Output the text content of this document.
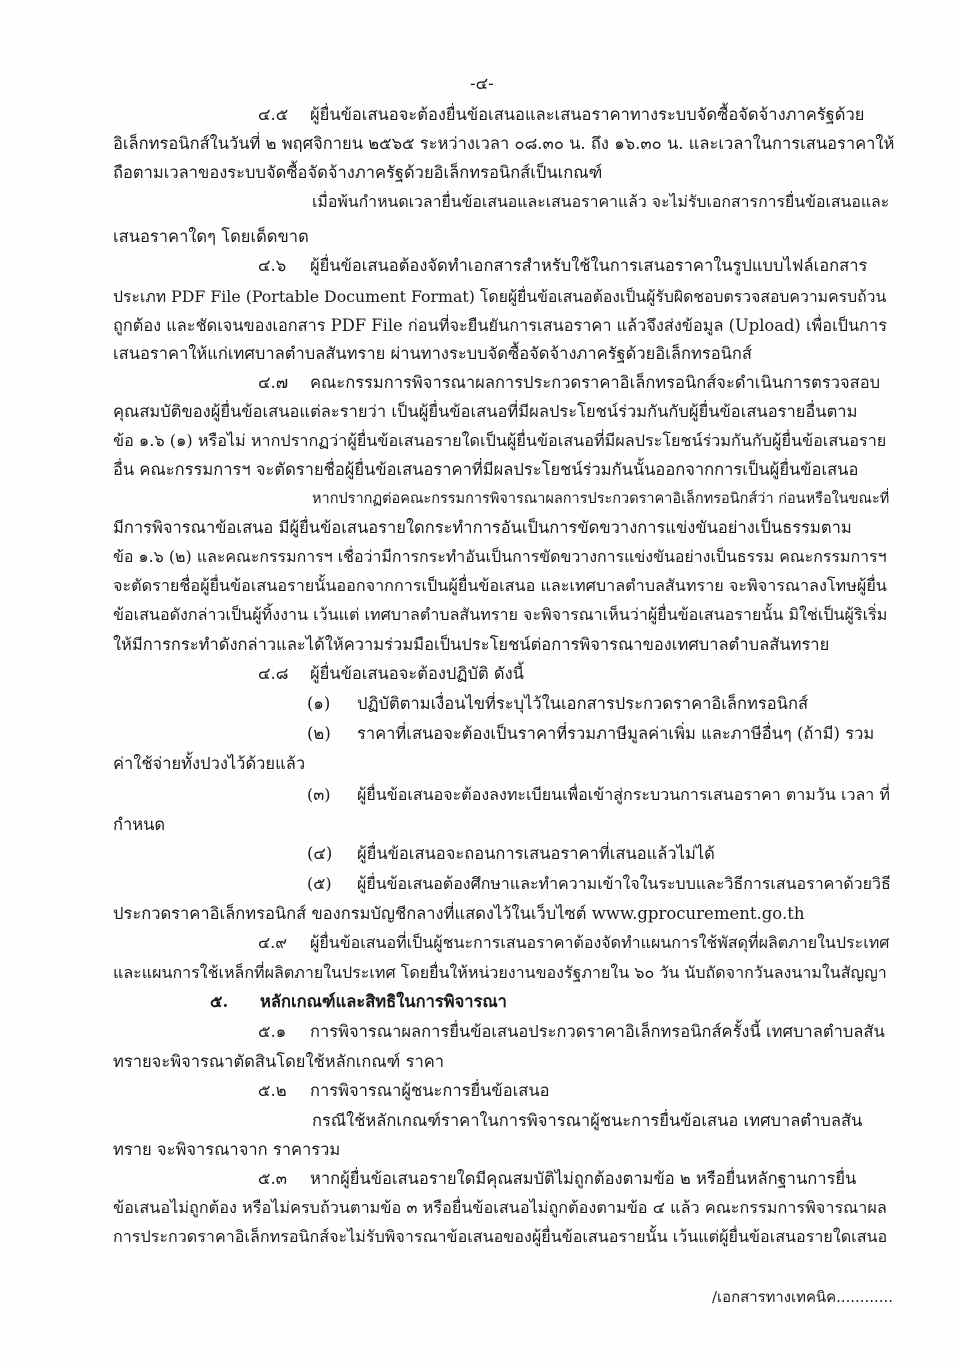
-๔-
๔.๕ ผู้ยื่นข้อเสนอจะต้องยื่นข้อเสนอและเสนอราคาทางระบบจัดซื้อจัดจ้างภาครัฐด้วย
อิเล็กทรอนิกส์ในวันที่ ๒ พฤศจิกายน ๒๕๖๕ ระหว่างเวลา ๐๘.๓๐ น. ถึง ๑๖.๓๐ น. และเวลาในการเสนอราคาให้
ถือตามเวลาของระบบจัดซื้อจัดจ้างภาครัฐด้วยอิเล็กทรอนิกส์เป็นเกณฑ์
เมื่อพ้นกำหนดเวลายื่นข้อเสนอและเสนอราคาแล้ว จะไม่รับเอกสารการยื่นข้อเสนอและ
เสนอราคาใดๆ โดยเด็ดขาด
๔.๖ ผู้ยื่นข้อเสนอต้องจัดทำเอกสารสำหรับใช้ในการเสนอราคาในรูปแบบไฟล์เอกสาร
ประเภท PDF File (Portable Document Format) โดยผู้ยื่นข้อเสนอต้องเป็นผู้รับผิดชอบตรวจสอบความครบถ้วน
ถูกต้อง และชัดเจนของเอกสาร PDF File ก่อนที่จะยืนยันการเสนอราคา แล้วจึงส่งข้อมูล (Upload) เพื่อเป็นการ
เสนอราคาให้แก่เทศบาลตำบลสันทราย ผ่านทางระบบจัดซื้อจัดจ้างภาครัฐด้วยอิเล็กทรอนิกส์
๔.๗ คณะกรรมการพิจารณาผลการประกวดราคาอิเล็กทรอนิกส์จะดำเนินการตรวจสอบ
คุณสมบัติของผู้ยื่นข้อเสนอแต่ละรายว่า เป็นผู้ยื่นข้อเสนอที่มีผลประโยชน์ร่วมกันกับผู้ยื่นข้อเสนอรายอื่นตาม
ข้อ ๑.๖ (๑) หรือไม่ หากปรากฏว่าผู้ยื่นข้อเสนอรายใดเป็นผู้ยื่นข้อเสนอที่มีผลประโยชน์ร่วมกันกับผู้ยื่นข้อเสนอราย
อื่น คณะกรรมการฯ จะตัดรายชื่อผู้ยื่นข้อเสนอราคาที่มีผลประโยชน์ร่วมกันนั้นออกจากการเป็นผู้ยื่นข้อเสนอ
หากปรากฏต่อคณะกรรมการพิจารณาผลการประกวดราคาอิเล็กทรอนิกส์ว่า ก่อนหรือในขณะที่
มีการพิจารณาข้อเสนอ มีผู้ยื่นข้อเสนอรายใดกระทำการอันเป็นการขัดขวางการแข่งขันอย่างเป็นธรรมตาม
ข้อ ๑.๖ (๒) และคณะกรรมการฯ เชื่อว่ามีการกระทำอันเป็นการขัดขวางการแข่งขันอย่างเป็นธรรม คณะกรรมการฯ
จะตัดรายชื่อผู้ยื่นข้อเสนอรายนั้นออกจากการเป็นผู้ยื่นข้อเสนอ และเทศบาลตำบลสันทราย จะพิจารณาลงโทษผู้ยื่น
ข้อเสนอดังกล่าวเป็นผู้ทิ้งงาน เว้นแต่ เทศบาลตำบลสันทราย จะพิจารณาเห็นว่าผู้ยื่นข้อเสนอรายนั้น มิใช่เป็นผู้ริเริ่ม
ให้มีการกระทำดังกล่าวและได้ให้ความร่วมมือเป็นประโยชน์ต่อการพิจารณาของเทศบาลตำบลสันทราย
๔.๘ ผู้ยื่นข้อเสนอจะต้องปฏิบัติ ดังนี้
(๑) ปฏิบัติตามเงื่อนไขที่ระบุไว้ในเอกสารประกวดราคาอิเล็กทรอนิกส์
(๒) ราคาที่เสนอจะต้องเป็นราคาที่รวมภาษีมูลค่าเพิ่ม และภาษีอื่นๆ (ถ้ามี) รวม
ค่าใช้จ่ายทั้งปวงไว้ด้วยแล้ว
(๓) ผู้ยื่นข้อเสนอจะต้องลงทะเบียนเพื่อเข้าสู่กระบวนการเสนอราคา ตามวัน เวลา ที่
กำหนด
(๔) ผู้ยื่นข้อเสนอจะถอนการเสนอราคาที่เสนอแล้วไม่ได้
(๕) ผู้ยื่นข้อเสนอต้องศึกษาและทำความเข้าใจในระบบและวิธีการเสนอราคาด้วยวิธี
ประกวดราคาอิเล็กทรอนิกส์ ของกรมบัญชีกลางที่แสดงไว้ในเว็บไซต์ www.gprocurement.go.th
๔.๙ ผู้ยื่นข้อเสนอที่เป็นผู้ชนะการเสนอราคาต้องจัดทำแผนการใช้พัสดุที่ผลิตภายในประเทศ
และแผนการใช้เหล็กที่ผลิตภายในประเทศ โดยยื่นให้หน่วยงานของรัฐภายใน ๖๐ วัน นับถัดจากวันลงนามในสัญญา
๕. หลักเกณฑ์และสิทธิในการพิจารณา
๕.๑ การพิจารณาผลการยื่นข้อเสนอประกวดราคาอิเล็กทรอนิกส์ครั้งนี้ เทศบาลตำบลสัน
ทรายจะพิจารณาตัดสินโดยใช้หลักเกณฑ์ ราคา
๕.๒ การพิจารณาผู้ชนะการยื่นข้อเสนอ
กรณีใช้หลักเกณฑ์ราคาในการพิจารณาผู้ชนะการยื่นข้อเสนอ เทศบาลตำบลสัน
ทราย จะพิจารณาจาก ราคารวม
๕.๓ หากผู้ยื่นข้อเสนอรายใดมีคุณสมบัติไม่ถูกต้องตามข้อ ๒ หรือยื่นหลักฐานการยื่น
ข้อเสนอไม่ถูกต้อง หรือไม่ครบถ้วนตามข้อ ๓ หรือยื่นข้อเสนอไม่ถูกต้องตามข้อ ๔ แล้ว คณะกรรมการพิจารณาผล
การประกวดราคาอิเล็กทรอนิกส์จะไม่รับพิจารณาข้อเสนอของผู้ยื่นข้อเสนอรายนั้น เว้นแต่ผู้ยื่นข้อเสนอรายใดเสนอ
/เอกสารทางเทคนิค............
